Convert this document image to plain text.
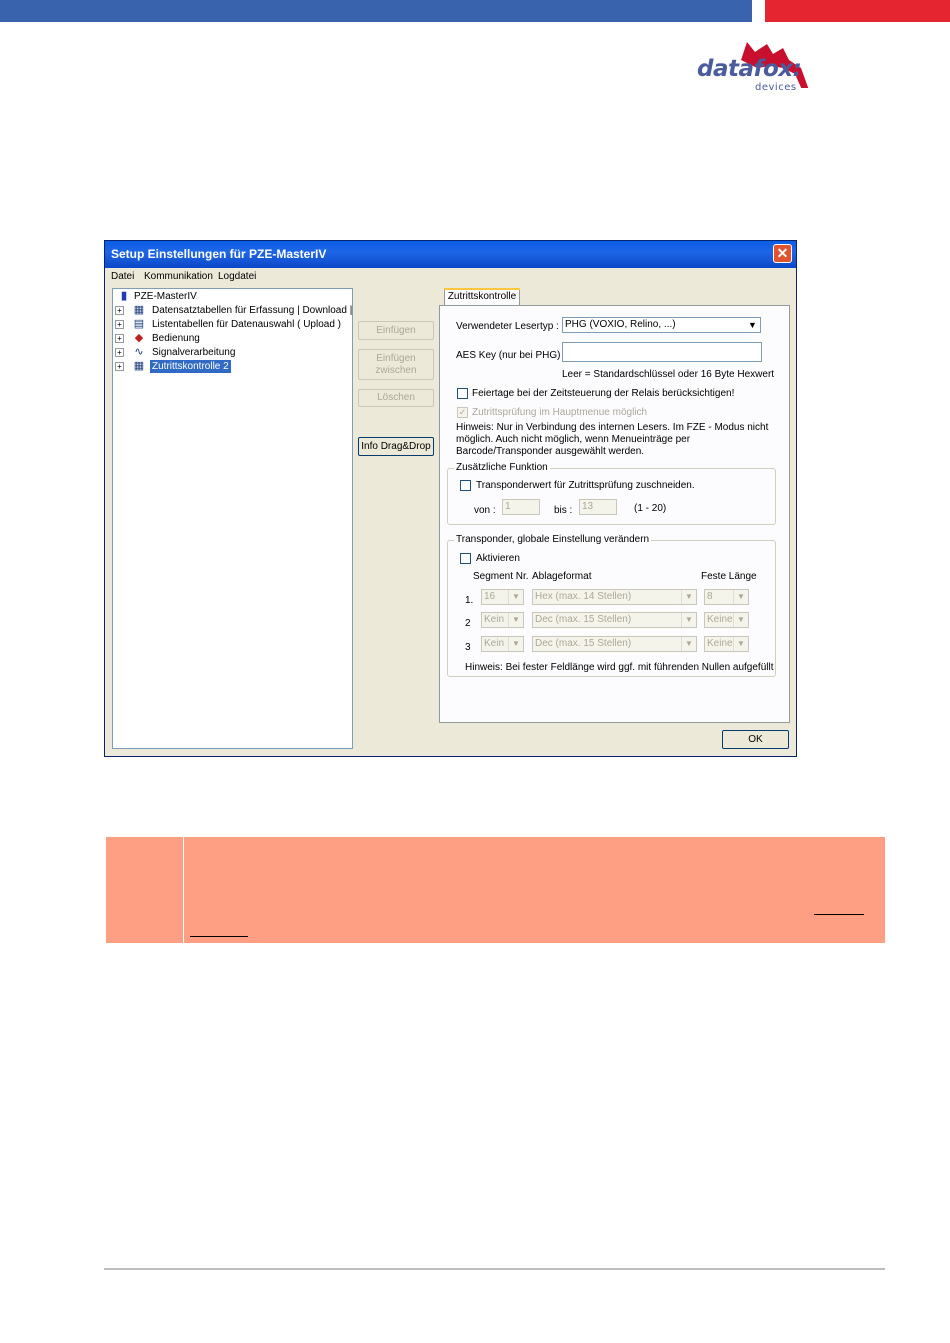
datafox:
devices
Setup Einstellungen für PZE-MasterIV	✕
Datei Kommunikation Logdatei
▮ PZE-MasterIV
+ ▦ Datensatztabellen für Erfassung | Download |
+ ▤ Listentabellen für Datenauswahl ( Upload )
+ ◆ Bedienung
+ ∿ Signalverarbeitung
+ ▦ Zutrittskontrolle 2
Einfügen
Einfügen
zwischen
Löschen
Info Drag&Drop
Zutrittskontrolle
Verwendeter Lesertyp : PHG (VOXIO, Relino, ...)	▼
AES Key (nur bei PHG)
Leer = Standardschlüssel oder 16 Byte Hexwert
Feiertage bei der Zeitsteuerung der Relais berücksichtigen!
✓ Zutrittsprüfung im Hauptmenue möglich
Hinweis: Nur in Verbindung des internen Lesers. Im FZE - Modus nicht
möglich. Auch nicht möglich, wenn Menueinträge per
Barcode/Transponder ausgewählt werden.
Zusätzliche Funktion
Transponderwert für Zutrittsprüfung zuschneiden.
von : 1	bis : 13	(1 - 20)
Transponder, globale Einstellung verändern
Aktivieren
Segment Nr. Ablageformat	Feste Länge
1.	16	▼	Hex (max. 14 Stellen)	▼	8	▼
2	Kein	▼	Dec (max. 15 Stellen)	▼	Keine ▼
3	Kein	▼	Dec (max. 15 Stellen)	▼	Keine ▼
Hinweis: Bei fester Feldlänge wird ggf. mit führenden Nullen aufgefüllt
OK
